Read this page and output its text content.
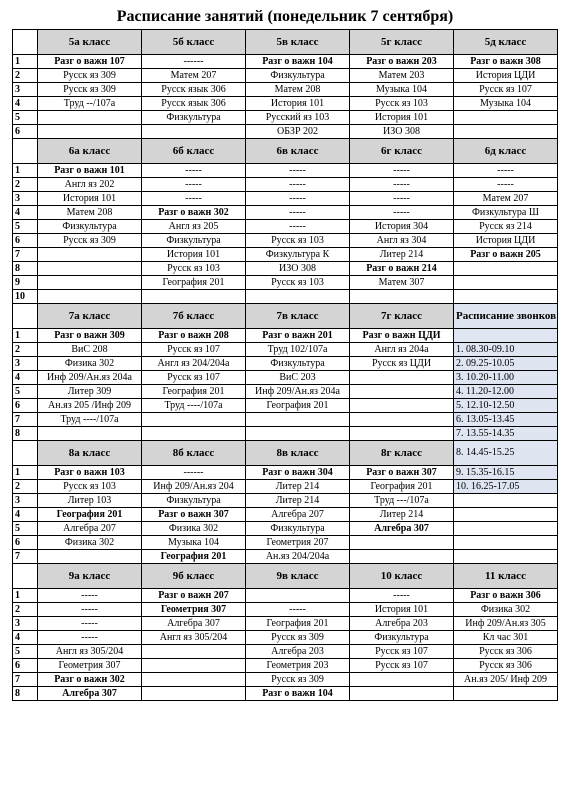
Расписание занятий (понедельник 7 сентября)
	5а класс	5б класс	5в класс	5г класс	5д класс
1	Разг о важн 107	------	Разг о важн 104	Разг о важн 203	Разг о важн 308
2	Русск яз 309	Матем 207	Физкультура	Матем 203	История ЦДИ
3	Русск яз 309	Русск язык 306	Матем 208	Музыка 104	Русск яз 107
4	Труд --/107а	Русск язык 306	История 101	Русск яз 103	Музыка 104
5		Физкультура	Русский яз 103	История 101	
6			ОБЗР 202	ИЗО 308	
	6а класс	6б класс	6в класс	6г класс	6д класс
1	Разг о важн 101	-----	-----	-----	-----
2	Англ яз 202	-----	-----	-----	-----
3	История 101	-----	-----	-----	Матем 207
4	Матем 208	Разг о важн 302	-----	-----	Физкультура Ш
5	Физкультура	Англ яз 205	-----	История 304	Русск яз 214
6	Русск яз 309	Физкультура	Русск яз 103	Англ яз 304	История ЦДИ
7		История 101	Физкультура К	Литер 214	Разг о важн 205
8		Русск яз 103	ИЗО 308	Разг о важн 214	
9		География 201	Русск яз 103	Матем 307	
10					
	7а класс	7б класс	7в класс	7г класс	Расписание звонков
1	Разг о важн 309	Разг о важн 208	Разг о важн 201	Разг о важн ЦДИ	
2	ВиС 208	Русск яз 107	Труд 102/107а	Англ яз 204а	1. 08.30-09.10
3	Физика 302	Англ яз 204/204а	Физкультура	Русск яз ЦДИ	2. 09.25-10.05
4	Инф 209/Ан.яз 204а	Русск яз 107	ВиС 203		3. 10.20-11.00
5	Литер 309	География 201	Инф 209/Ан.яз 204а		4. 11.20-12.00
6	Ан.яз 205 /Инф 209	Труд ----/107а	География 201		5. 12.10-12.50
7	Труд ----/107а				6. 13.05-13.45
8					7. 13.55-14.35
	8а класс	8б класс	8в класс	8г класс	8. 14.45-15.25
1	Разг о важн 103	------	Разг о важн 304	Разг о важн 307	9. 15.35-16.15
2	Русск яз 103	Инф 209/Ан.яз 204	Литер 214	География 201	10. 16.25-17.05
3	Литер 103	Физкультура	Литер 214	Труд ---/107а	
4	География 201	Разг о важн 307	Алгебра 207	Литер 214	
5	Алгебра 207	Физика 302	Физкультура	Алгебра 307	
6	Физика 302	Музыка 104	Геометрия 207		
7		География 201	Ан.яз 204/204а		
	9а класс	9б класс	9в класс	10 класс	11 класс
1	-----	Разг о важн 207		-----	Разг о важн 306
2	-----	Геометрия 307	-----	История 101	Физика 302
3	-----	Алгебра 307	География 201	Алгебра 203	Инф 209/Ан.яз 305
4	-----	Англ яз 305/204	Русск яз 309	Физкультура	Кл час 301
5	Англ яз 305/204		Алгебра 203	Русск яз 107	Русск яз 306
6	Геометрия 307		Геометрия 203	Русск яз 107	Русск яз 306
7	Разг о важн 302		Русск яз 309		Ан.яз 205/ Инф 209
8	Алгебра 307		Разг о важн 104		
